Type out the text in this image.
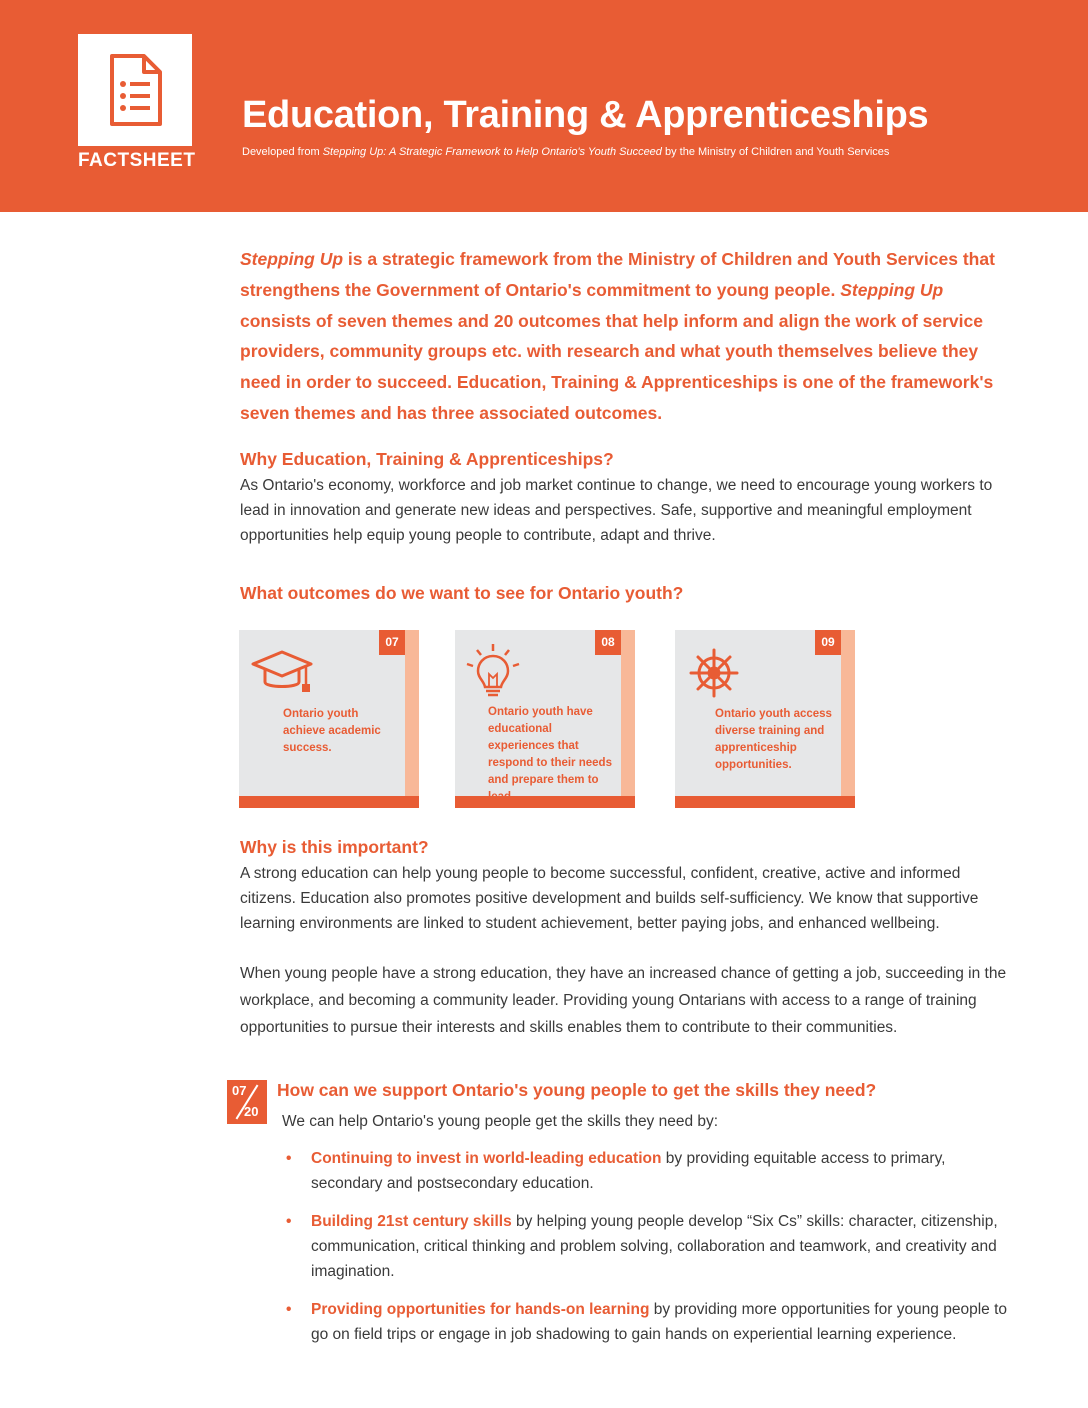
FACTSHEET
Education, Training & Apprenticeships
Developed from Stepping Up: A Strategic Framework to Help Ontario's Youth Succeed by the Ministry of Children and Youth Services

Stepping Up is a strategic framework from the Ministry of Children and Youth Services that strengthens the Government of Ontario's commitment to young people. Stepping Up consists of seven themes and 20 outcomes that help inform and align the work of service providers, community groups etc. with research and what youth themselves believe they need in order to succeed. Education, Training & Apprenticeships is one of the framework's seven themes and has three associated outcomes.

Why Education, Training & Apprenticeships?

As Ontario's economy, workforce and job market continue to change, we need to encourage young workers to lead in innovation and generate new ideas and perspectives. Safe, supportive and meaningful employment opportunities help equip young people to contribute, adapt and thrive.

What outcomes do we want to see for Ontario youth?
07
Ontario youth achieve academic success.
08
Ontario youth have educational experiences that respond to their needs and prepare them to lead.
09
Ontario youth access diverse training and apprenticeship opportunities.
Why is this important?

A strong education can help young people to become successful, confident, creative, active and informed citizens. Education also promotes positive development and builds self-sufficiency. We know that supportive learning environments are linked to student achievement, better paying jobs, and enhanced wellbeing.

When young people have a strong education, they have an increased chance of getting a job, succeeding in the workplace, and becoming a community leader. Providing young Ontarians with access to a range of training opportunities to pursue their interests and skills enables them to contribute to their communities.

07
20
How can we support Ontario's young people to get the skills they need?

We can help Ontario's young people get the skills they need by:

• Continuing to invest in world-leading education by providing equitable access to primary, secondary and postsecondary education.
• Building 21st century skills by helping young people develop “Six Cs” skills: character, citizenship, communication, critical thinking and problem solving, collaboration and teamwork, and creativity and imagination.
• Providing opportunities for hands-on learning by providing more opportunities for young people to go on field trips or engage in job shadowing to gain hands on experiential learning experience.
